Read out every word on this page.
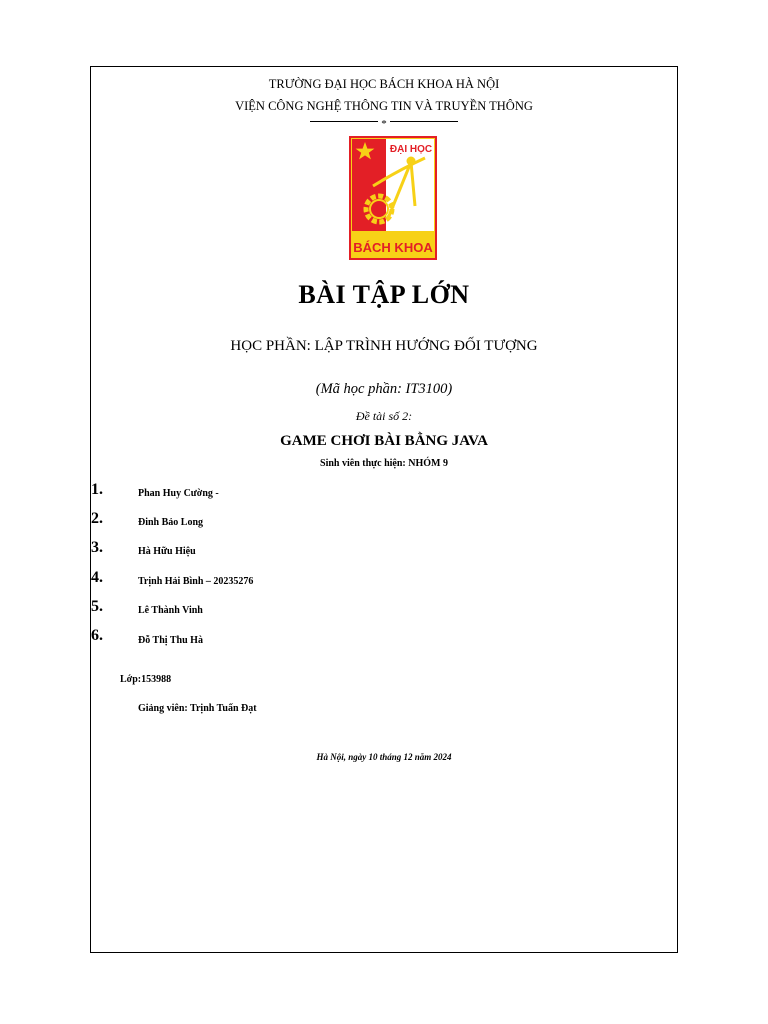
TRƯỜNG ĐẠI HỌC BÁCH KHOA HÀ NỘI
VIỆN CÔNG NGHỆ THÔNG TIN VÀ TRUYỀN THÔNG
*
ĐẠI HỌC
BÁCH KHOA
BÀI TẬP LỚN
HỌC PHẦN: LẬP TRÌNH HƯỚNG ĐỐI TƯỢNG
(Mã học phần: IT3100)
Đề tài số 2:
GAME CHƠI BÀI BẰNG JAVA
Sinh viên thực hiện: NHÓM 9
1.	Phan Huy Cường -
2.	Đinh Bảo Long
3.	Hà Hữu Hiệu
4.	Trịnh Hải Bình – 20235276
5.	Lê Thành Vinh
6.	Đỗ Thị Thu Hà
Lớp:153988
Giảng viên: Trịnh Tuấn Đạt
Hà Nội, ngày 10 tháng 12 năm 2024
